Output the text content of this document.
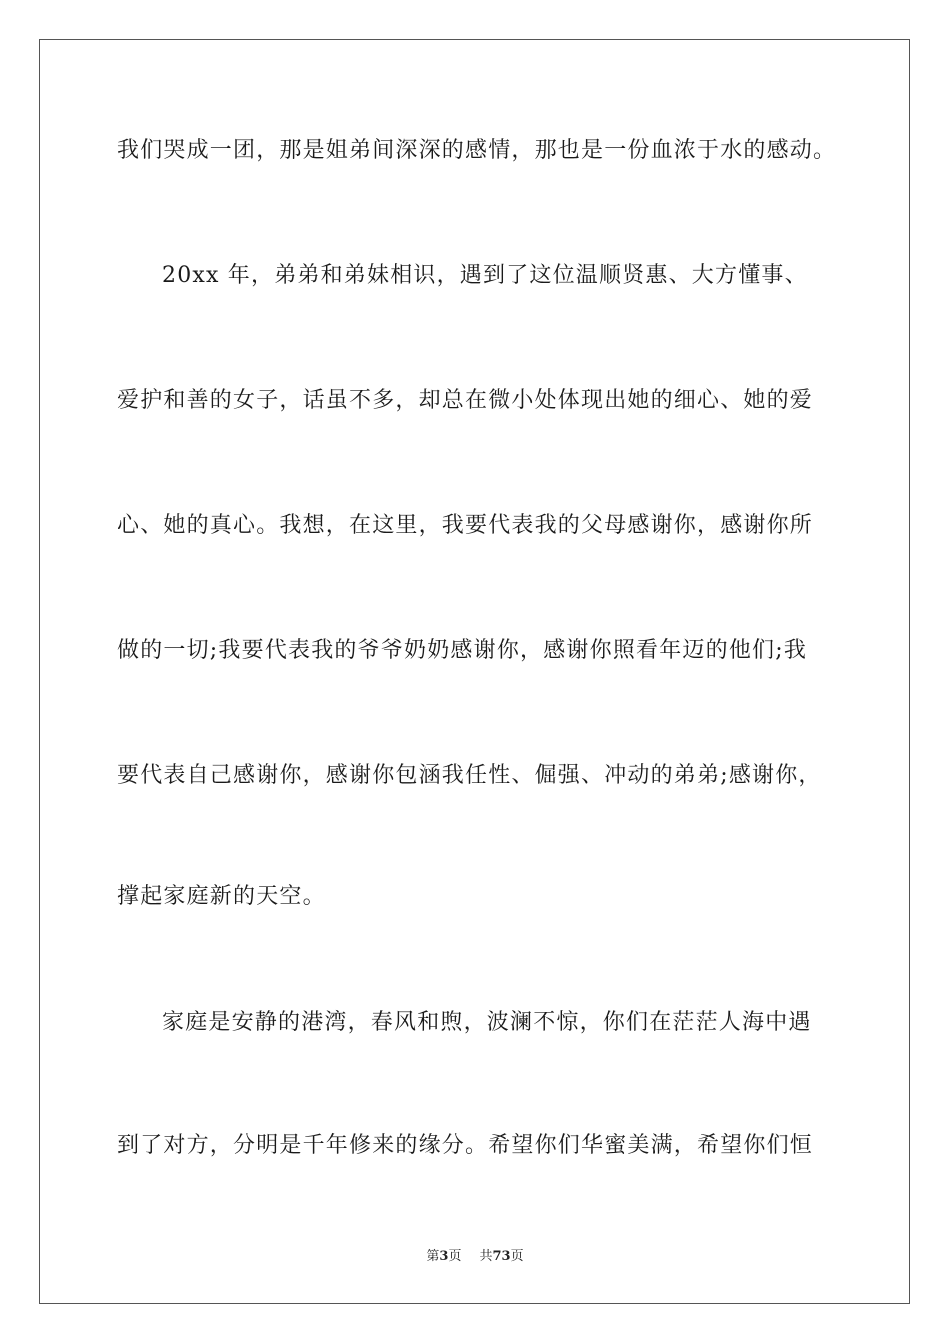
我们哭成一团，那是姐弟间深深的感情，那也是一份血浓于水的感动。
20xx 年，弟弟和弟妹相识，遇到了这位温顺贤惠、大方懂事、
爱护和善的女子，话虽不多，却总在微小处体现出她的细心、她的爱
心、她的真心。我想，在这里，我要代表我的父母感谢你，感谢你所
做的一切;我要代表我的爷爷奶奶感谢你，感谢你照看年迈的他们;我
要代表自己感谢你，感谢你包涵我任性、倔强、冲动的弟弟;感谢你，
撑起家庭新的天空。
家庭是安静的港湾，春风和煦，波澜不惊，你们在茫茫人海中遇
到了对方，分明是千年修来的缘分。希望你们华蜜美满，希望你们恒
第3页 共73页
